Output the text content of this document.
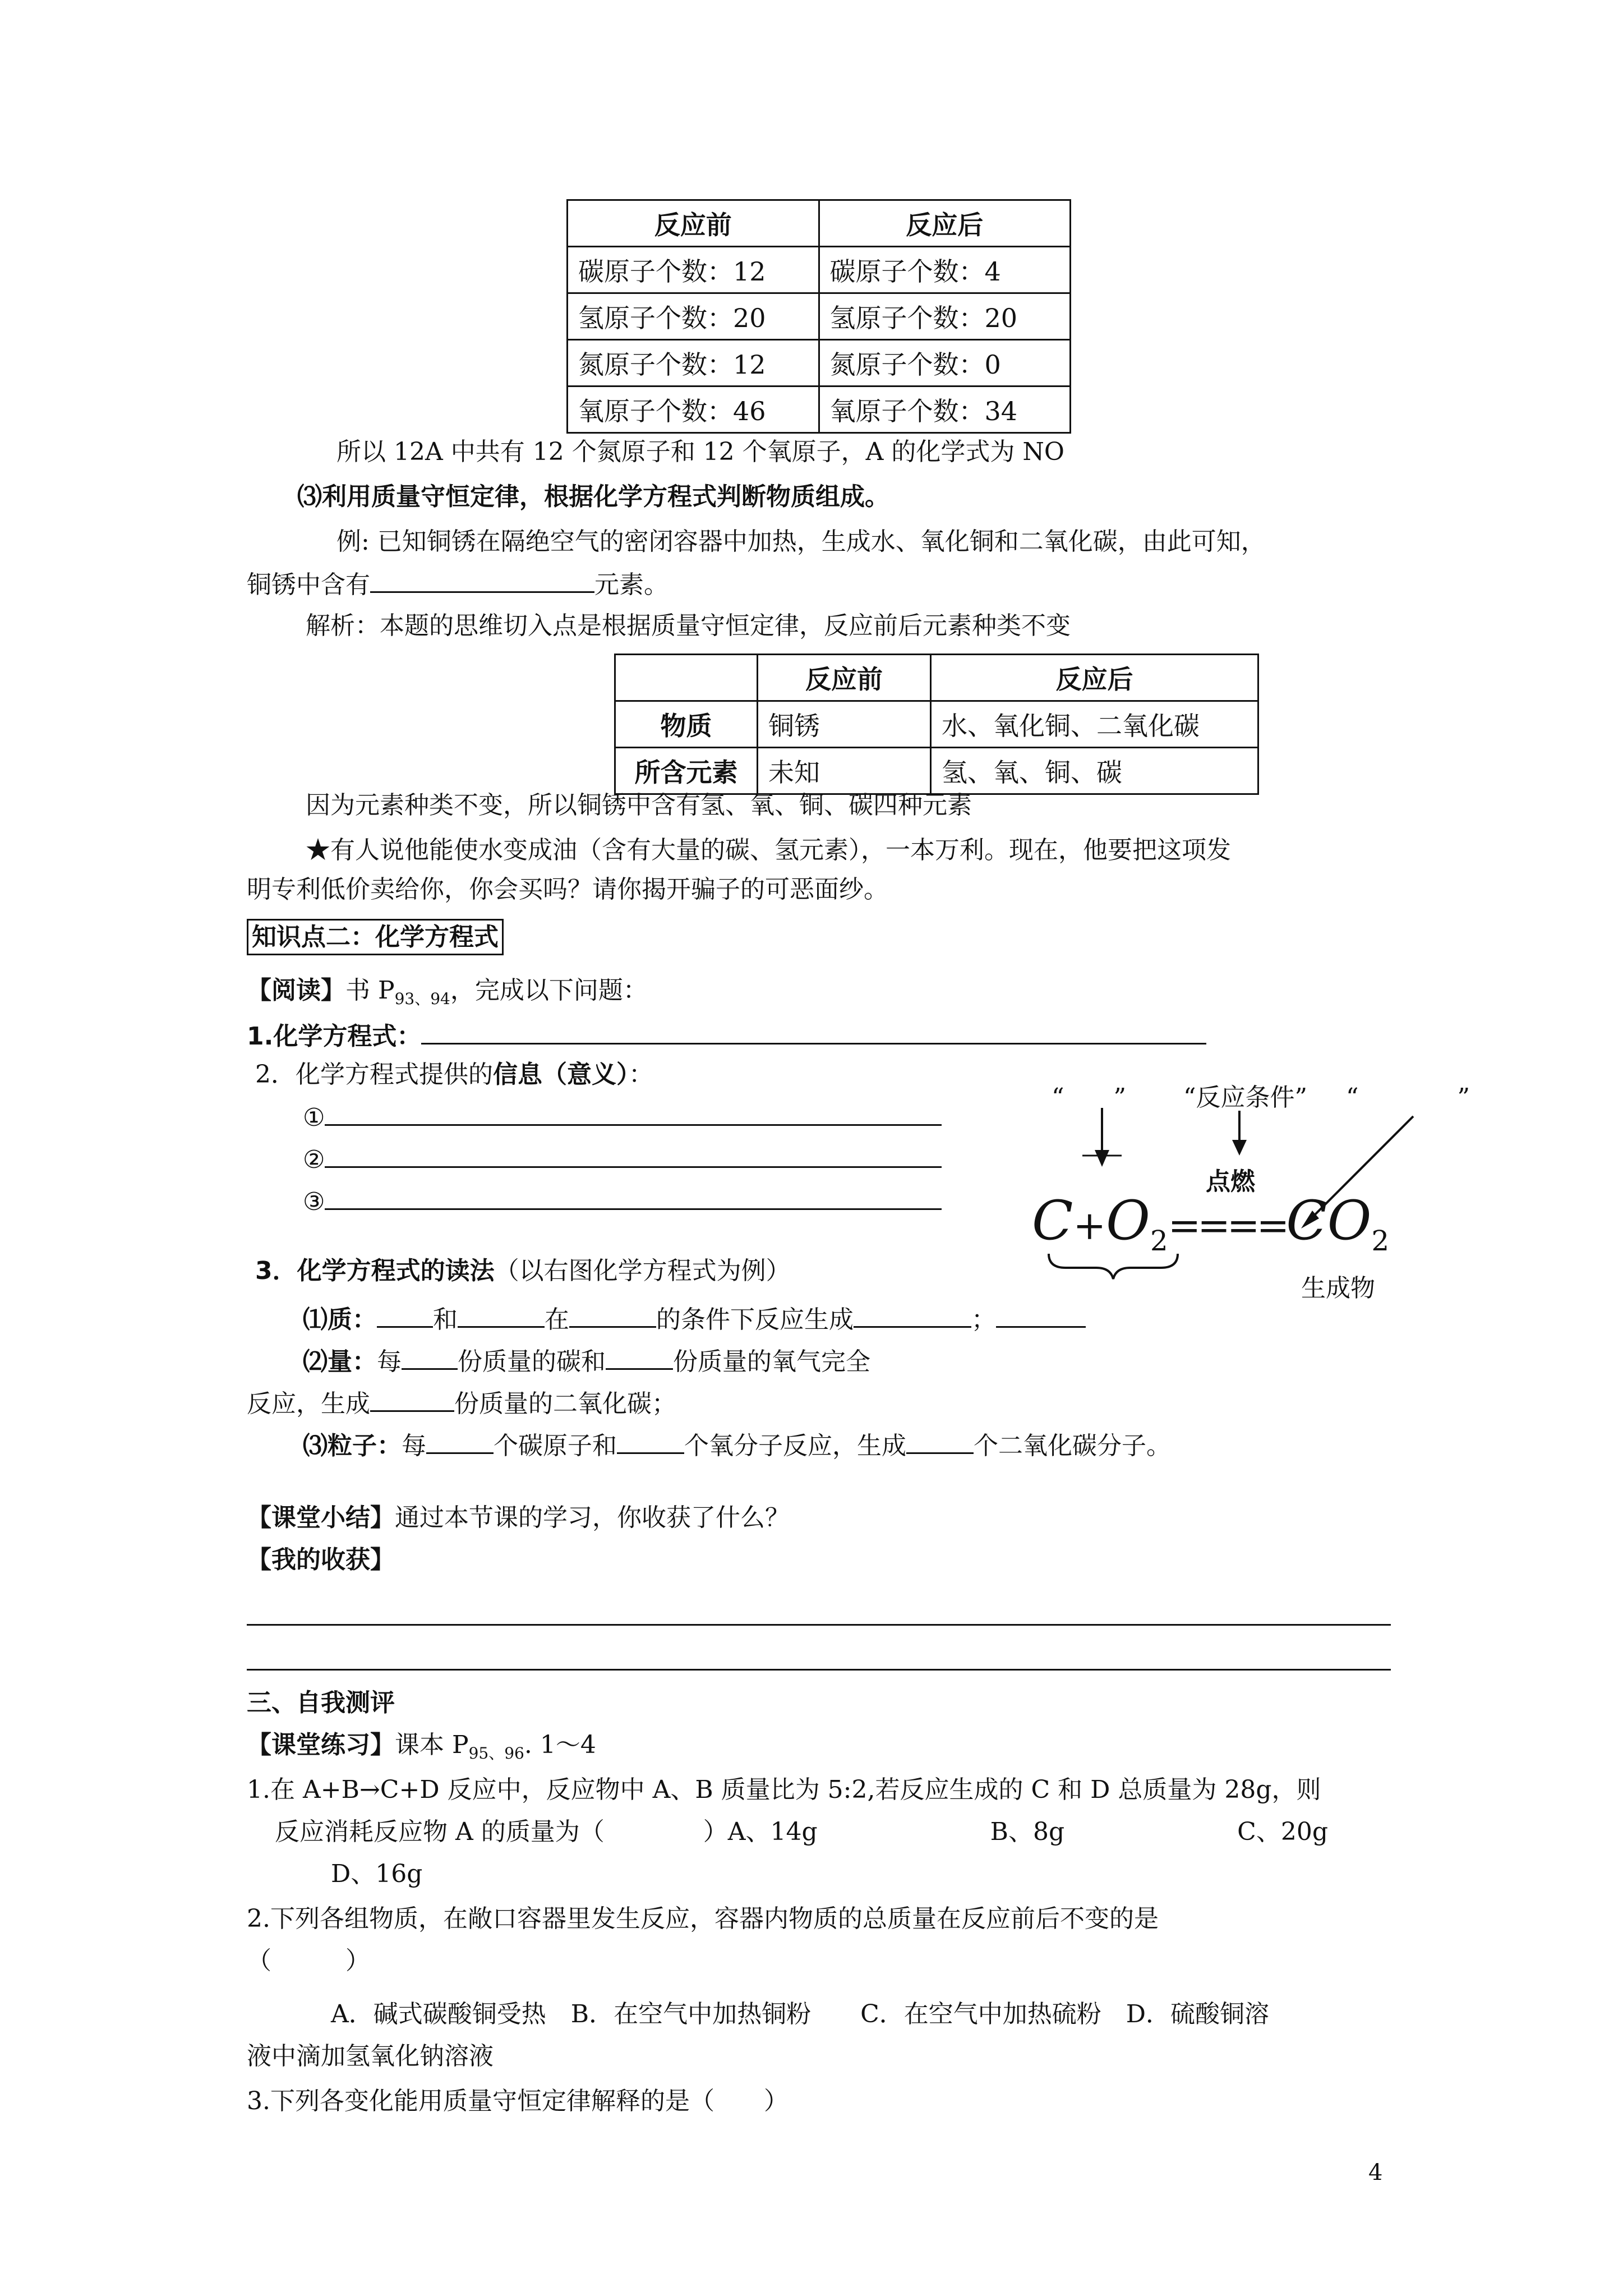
反应前	反应后
碳原子个数：12	碳原子个数：4
氢原子个数：20	氢原子个数：20
氮原子个数：12	氮原子个数：0
氧原子个数：46	氧原子个数：34
所以 12A 中共有 12 个氮原子和 12 个氧原子，A 的化学式为 NO
⑶利用质量守恒定律，根据化学方程式判断物质组成。
例: 已知铜锈在隔绝空气的密闭容器中加热，生成水、氧化铜和二氧化碳，由此可知，
铜锈中含有	元素。
解析：本题的思维切入点是根据质量守恒定律，反应前后元素种类不变
	反应前	反应后
物质	铜锈	水、氧化铜、二氧化碳
所含元素	未知	氢、氧、铜、碳
因为元素种类不变，所以铜锈中含有氢、氧、铜、碳四种元素
★有人说他能使水变成油（含有大量的碳、氢元素），一本万利。现在，他要把这项发
明专利低价卖给你，你会买吗？请你揭开骗子的可恶面纱。
知识点二：化学方程式
【阅读】书 $P_{93、94}$，完成以下问题：
1.化学方程式：
2．化学方程式提供的信息（意义）：
①
②
③
“　　” “反应条件” “　　　　”
点燃
$C+O_2====CO_2$
生成物
3．化学方程式的读法（以右图化学方程式为例）
⑴质： 和	在	的条件下反应生成	；
⑵量：每 份质量的碳和	份质量的氧气完全
反应，生成	份质量的二氧化碳；
⑶粒子：每	个碳原子和	个氧分子反应，生成	个二氧化碳分子。
【课堂小结】通过本节课的学习，你收获了什么？
【我的收获】
三、自我测评
【课堂练习】课本 $P_{95、96}$. 1～4
1.在 A+B→C+D 反应中，反应物中 A、B 质量比为 5:2,若反应生成的 C 和 D 总质量为 28g，则
反应消耗反应物 A 的质量为（　　　　）A、14g　　　　　　　B、8g　　　　　　　C、20g
D、16g
2.下列各组物质，在敞口容器里发生反应，容器内物质的总质量在反应前后不变的是
（　　　）
A．碱式碳酸铜受热　B．在空气中加热铜粉　　C．在空气中加热硫粉　D．硫酸铜溶
液中滴加氢氧化钠溶液
3.下列各变化能用质量守恒定律解释的是（　　）
4
